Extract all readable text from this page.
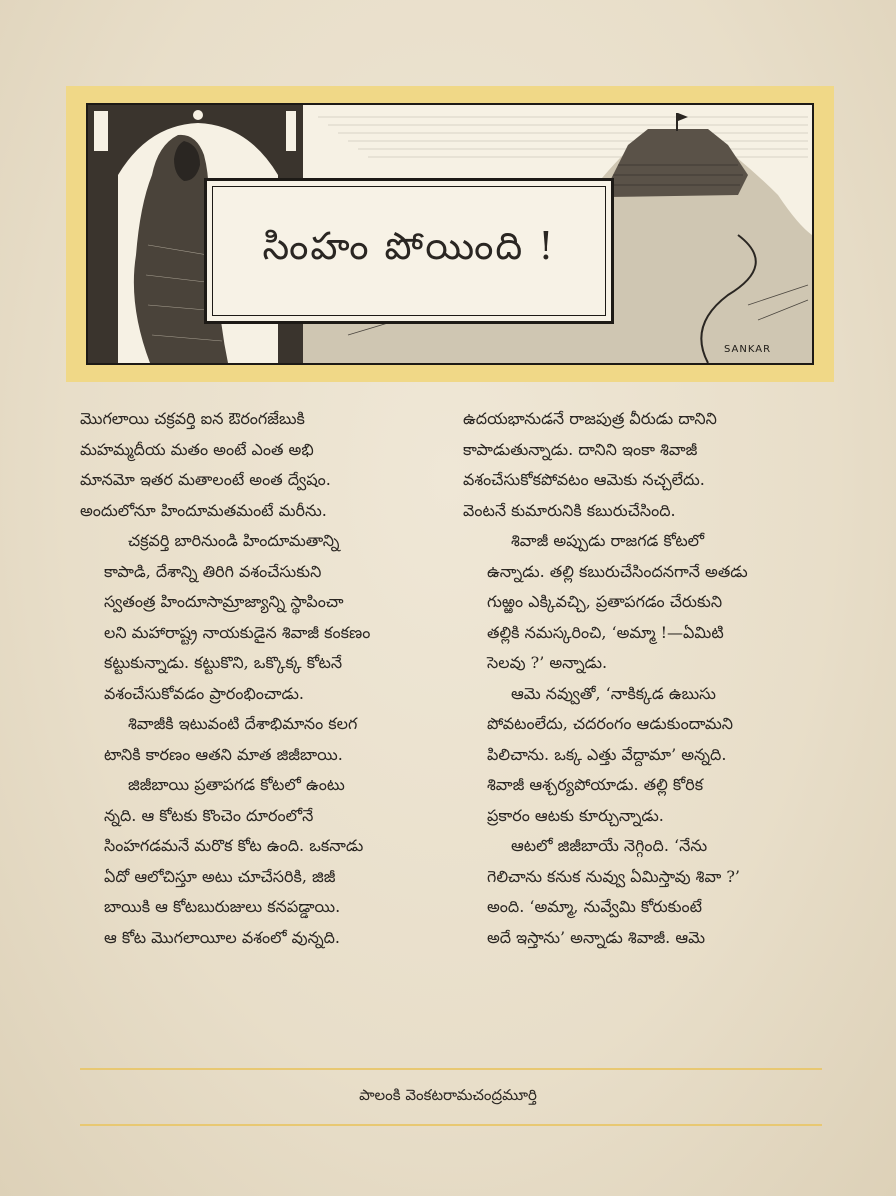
సింహం పోయింది !
SANKAR

మొగలాయి చక్రవర్తి ఐన ఔరంగజేబుకి
మహమ్మదీయ మతం అంటే ఎంత అభి
మానమో ఇతర మతాలంటే అంత ద్వేషం.
అందులోనూ హిందూమతమంటే మరీను.

చక్రవర్తి బారినుండి హిందూమతాన్ని
కాపాడి, దేశాన్ని తిరిగి వశంచేసుకుని
స్వతంత్ర హిందూసామ్రాజ్యాన్ని స్థాపించా
లని మహారాష్ట్ర నాయకుడైన శివాజీ కంకణం
కట్టుకున్నాడు. కట్టుకొని, ఒక్కొక్క కోటనే
వశంచేసుకోవడం ప్రారంభించాడు.

శివాజీకి ఇటువంటి దేశాభిమానం కలగ
టానికి కారణం ఆతని మాత జిజీబాయి.

జిజీబాయి ప్రతాపగడ కోటలో ఉంటు
న్నది. ఆ కోటకు కొంచెం దూరంలోనే
సింహగడమనే మరొక కోట ఉంది. ఒకనాడు
ఏదో ఆలోచిస్తూ అటు చూచేసరికి, జిజీ
బాయికి ఆ కోటబురుజులు కనపడ్డాయి.
ఆ కోట మొగలాయీల వశంలో వున్నది.

ఉదయభానుడనే రాజపుత్ర వీరుడు దానిని
కాపాడుతున్నాడు. దానిని ఇంకా శివాజీ
వశంచేసుకోకపోవటం ఆమెకు నచ్చలేదు.
వెంటనే కుమారునికి కబురుచేసింది.

శివాజీ అప్పుడు రాజగడ కోటలో
ఉన్నాడు. తల్లి కబురుచేసిందనగానే అతడు
గుఱ్ఱం ఎక్కివచ్చి, ప్రతాపగడం చేరుకుని
తల్లికి నమస్కరించి, ‘అమ్మా !—ఏమిటి
సెలవు ?’ అన్నాడు.

ఆమె నవ్వుతో, ‘నాకిక్కడ ఉబుసు
పోవటంలేదు, చదరంగం ఆడుకుందామని
పిలిచాను. ఒక్క ఎత్తు వేద్దామా’ అన్నది.
శివాజీ ఆశ్చర్యపోయాడు. తల్లి కోరిక
ప్రకారం ఆటకు కూర్చున్నాడు.

ఆటలో జిజీబాయే నెగ్గింది. ‘నేను
గెలిచాను కనుక నువ్వు ఏమిస్తావు శివా ?’
అంది. ‘అమ్మా, నువ్వేమి కోరుకుంటే
అదే ఇస్తాను’ అన్నాడు శివాజీ. ఆమె

పాలంకి వెంకటరామచంద్రమూర్తి
